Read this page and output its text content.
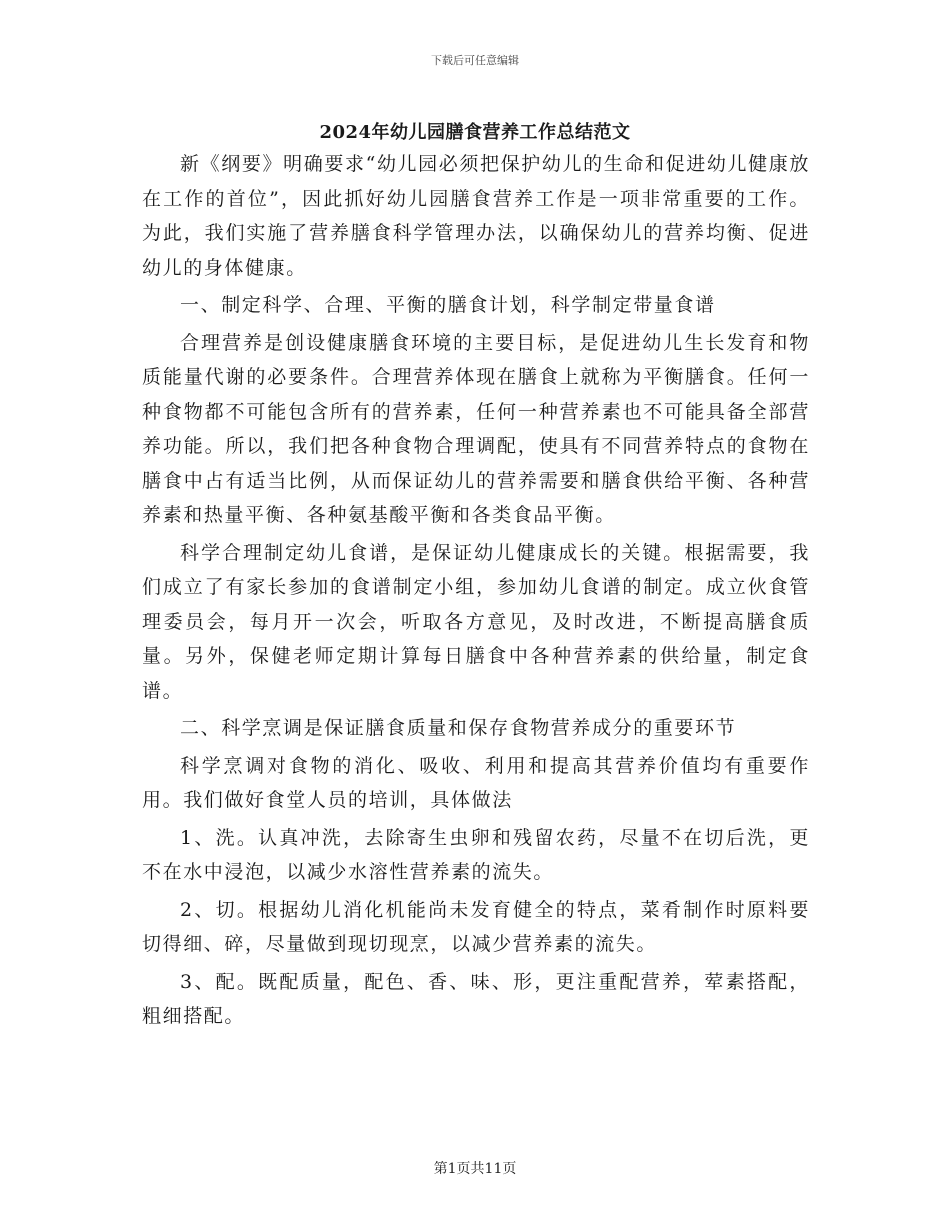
下载后可任意编辑
2024年幼儿园膳食营养工作总结范文

新《纲要》明确要求“幼儿园必须把保护幼儿的生命和促进幼儿健康放在工作的首位”，因此抓好幼儿园膳食营养工作是一项非常重要的工作。为此，我们实施了营养膳食科学管理办法，以确保幼儿的营养均衡、促进幼儿的身体健康。

一、制定科学、合理、平衡的膳食计划，科学制定带量食谱

合理营养是创设健康膳食环境的主要目标，是促进幼儿生长发育和物质能量代谢的必要条件。合理营养体现在膳食上就称为平衡膳食。任何一种食物都不可能包含所有的营养素，任何一种营养素也不可能具备全部营养功能。所以，我们把各种食物合理调配，使具有不同营养特点的食物在膳食中占有适当比例，从而保证幼儿的营养需要和膳食供给平衡、各种营养素和热量平衡、各种氨基酸平衡和各类食品平衡。

科学合理制定幼儿食谱，是保证幼儿健康成长的关键。根据需要，我们成立了有家长参加的食谱制定小组，参加幼儿食谱的制定。成立伙食管理委员会，每月开一次会，听取各方意见，及时改进，不断提高膳食质量。另外，保健老师定期计算每日膳食中各种营养素的供给量，制定食谱。

二、科学烹调是保证膳食质量和保存食物营养成分的重要环节

科学烹调对食物的消化、吸收、利用和提高其营养价值均有重要作用。我们做好食堂人员的培训，具体做法

1、洗。认真冲洗，去除寄生虫卵和残留农药，尽量不在切后洗，更不在水中浸泡，以减少水溶性营养素的流失。

2、切。根据幼儿消化机能尚未发育健全的特点，菜肴制作时原料要切得细、碎，尽量做到现切现烹，以减少营养素的流失。

3、配。既配质量，配色、香、味、形，更注重配营养，荤素搭配，粗细搭配。

第1页共11页
